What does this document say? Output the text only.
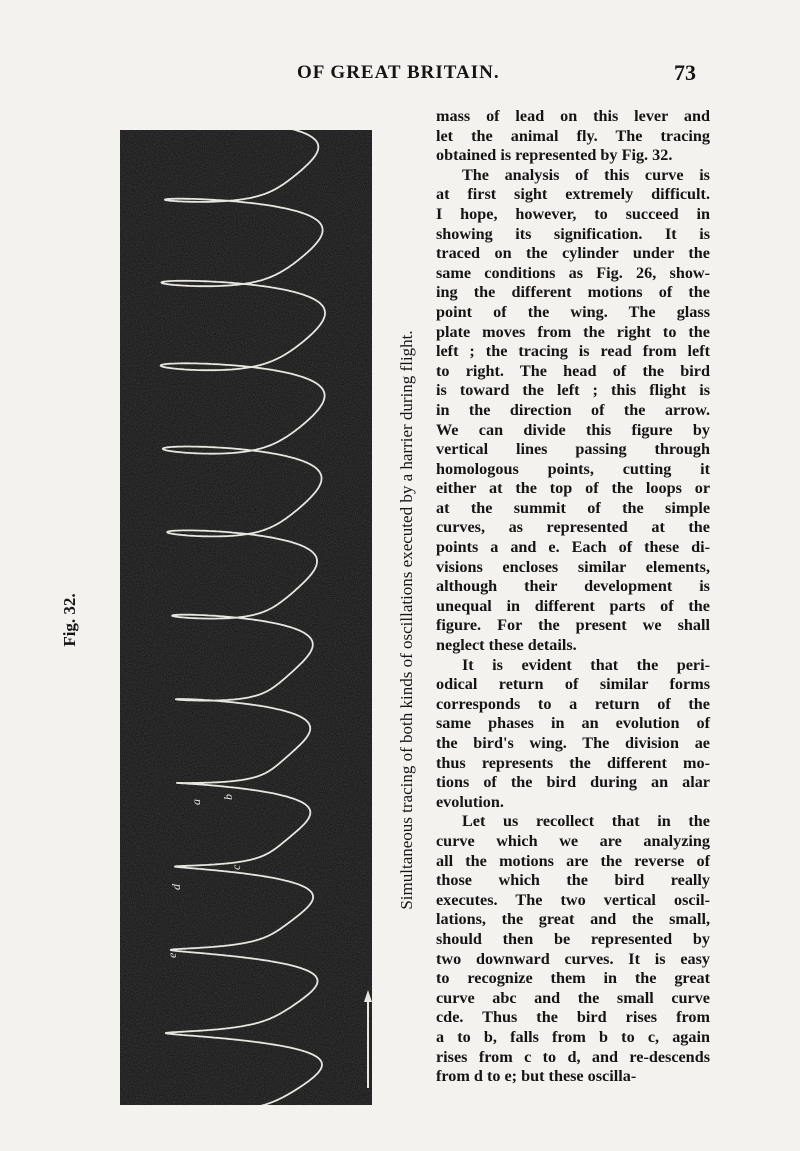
OF GREAT BRITAIN.	73
Fig. 32.
a
b
c
d
e
Simultaneous tracing of both kinds of oscillations executed by a harrier during flight.
mass of lead on this lever and
let the animal fly. The tracing
obtained is represented by Fig. 32.
The analysis of this curve is
at first sight extremely difficult.
I hope, however, to succeed in
showing its signification. It is
traced on the cylinder under the
same conditions as Fig. 26, show-
ing the different motions of the
point of the wing. The glass
plate moves from the right to the
left ; the tracing is read from left
to right. The head of the bird
is toward the left ; this flight is
in the direction of the arrow.
We can divide this figure by
vertical lines passing through
homologous points, cutting it
either at the top of the loops or
at the summit of the simple
curves, as represented at the
points a and e. Each of these di-
visions encloses similar elements,
although their development is
unequal in different parts of the
figure. For the present we shall
neglect these details.
It is evident that the peri-
odical return of similar forms
corresponds to a return of the
same phases in an evolution of
the bird's wing. The division ae
thus represents the different mo-
tions of the bird during an alar
evolution.
Let us recollect that in the
curve which we are analyzing
all the motions are the reverse of
those which the bird really
executes. The two vertical oscil-
lations, the great and the small,
should then be represented by
two downward curves. It is easy
to recognize them in the great
curve abc and the small curve
cde. Thus the bird rises from
a to b, falls from b to c, again
rises from c to d, and re-descends
from d to e; but these oscilla-
